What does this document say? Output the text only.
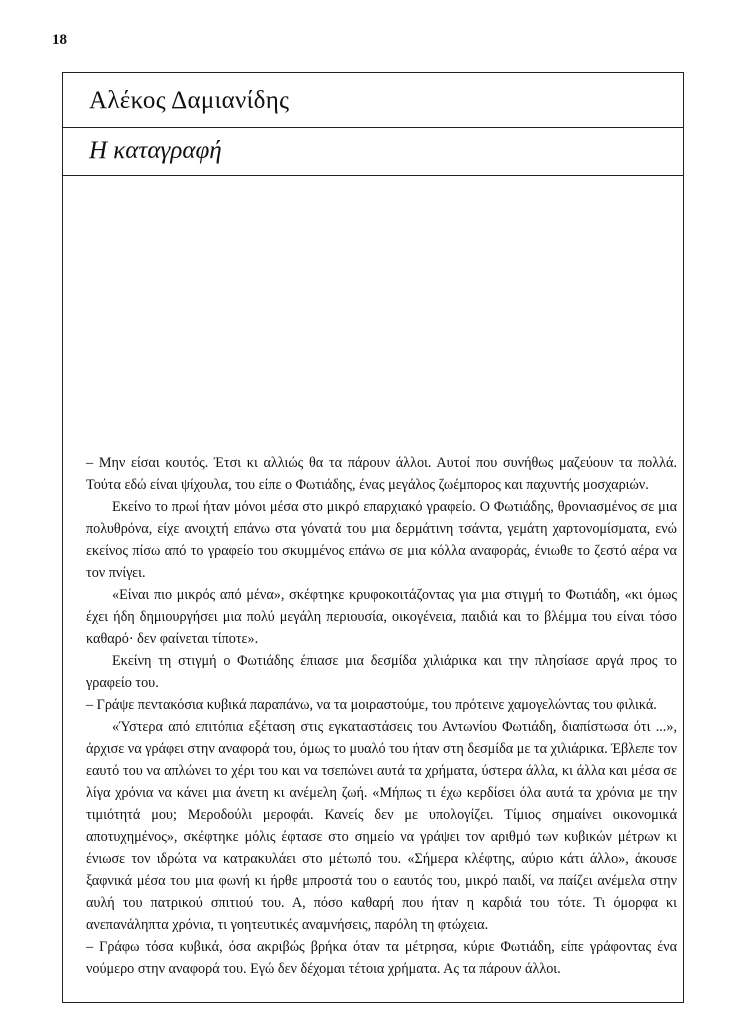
18
Αλέκος Δαμιανίδης
Η καταγραφή

– Μην είσαι κουτός. Έτσι κι αλλιώς θα τα πάρουν άλλοι. Αυτοί που συνήθως μαζεύουν τα πολλά. Τούτα εδώ είναι ψίχουλα, του είπε ο Φωτιάδης, ένας μεγάλος ζωέμπορος και παχυντής μοσχαριών.

Εκείνο το πρωί ήταν μόνοι μέσα στο μικρό επαρχιακό γραφείο. Ο Φωτιάδης, θρονιασμένος σε μια πολυθρόνα, είχε ανοιχτή επάνω στα γόνατά του μια δερμάτινη τσάντα, γεμάτη χαρτονομίσματα, ενώ εκείνος πίσω από το γραφείο του σκυμμένος επάνω σε μια κόλλα αναφοράς, ένιωθε το ζεστό αέρα να τον πνίγει.

«Είναι πιο μικρός από μένα», σκέφτηκε κρυφοκοιτάζοντας για μια στιγμή το Φωτιάδη, «κι όμως έχει ήδη δημιουργήσει μια πολύ μεγάλη περιουσία, οικογένεια, παιδιά και το βλέμμα του είναι τόσο καθαρό· δεν φαίνεται τίποτε».

Εκείνη τη στιγμή ο Φωτιάδης έπιασε μια δεσμίδα χιλιάρικα και την πλησίασε αργά προς το γραφείο του.

– Γράψε πεντακόσια κυβικά παραπάνω, να τα μοιραστούμε, του πρότεινε χαμογελώντας του φιλικά.

«Ύστερα από επιτόπια εξέταση στις εγκαταστάσεις του Αντωνίου Φωτιάδη, διαπίστωσα ότι ...», άρχισε να γράφει στην αναφορά του, όμως το μυαλό του ήταν στη δεσμίδα με τα χιλιάρικα. Έβλεπε τον εαυτό του να απλώνει το χέρι του και να τσεπώνει αυτά τα χρήματα, ύστερα άλλα, κι άλλα και μέσα σε λίγα χρόνια να κάνει μια άνετη κι ανέμελη ζωή. «Μήπως τι έχω κερδίσει όλα αυτά τα χρόνια με την τιμιότητά μου; Μεροδούλι μεροφάι. Κανείς δεν με υπολογίζει. Τίμιος σημαίνει οικονομικά αποτυχημένος», σκέφτηκε μόλις έφτασε στο σημείο να γράψει τον αριθμό των κυβικών μέτρων κι ένιωσε τον ιδρώτα να κατρακυλάει στο μέτωπό του. «Σήμερα κλέφτης, αύριο κάτι άλλο», άκουσε ξαφνικά μέσα του μια φωνή κι ήρθε μπροστά του ο εαυτός του, μικρό παιδί, να παίζει ανέμελα στην αυλή του πατρικού σπιτιού του. Α, πόσο καθαρή που ήταν η καρδιά του τότε. Τι όμορφα κι ανεπανάληπτα χρόνια, τι γοητευτικές αναμνήσεις, παρόλη τη φτώχεια.

– Γράφω τόσα κυβικά, όσα ακριβώς βρήκα όταν τα μέτρησα, κύριε Φωτιάδη, είπε γράφοντας ένα νούμερο στην αναφορά του. Εγώ δεν δέχομαι τέτοια χρήματα. Ας τα πάρουν άλλοι.
